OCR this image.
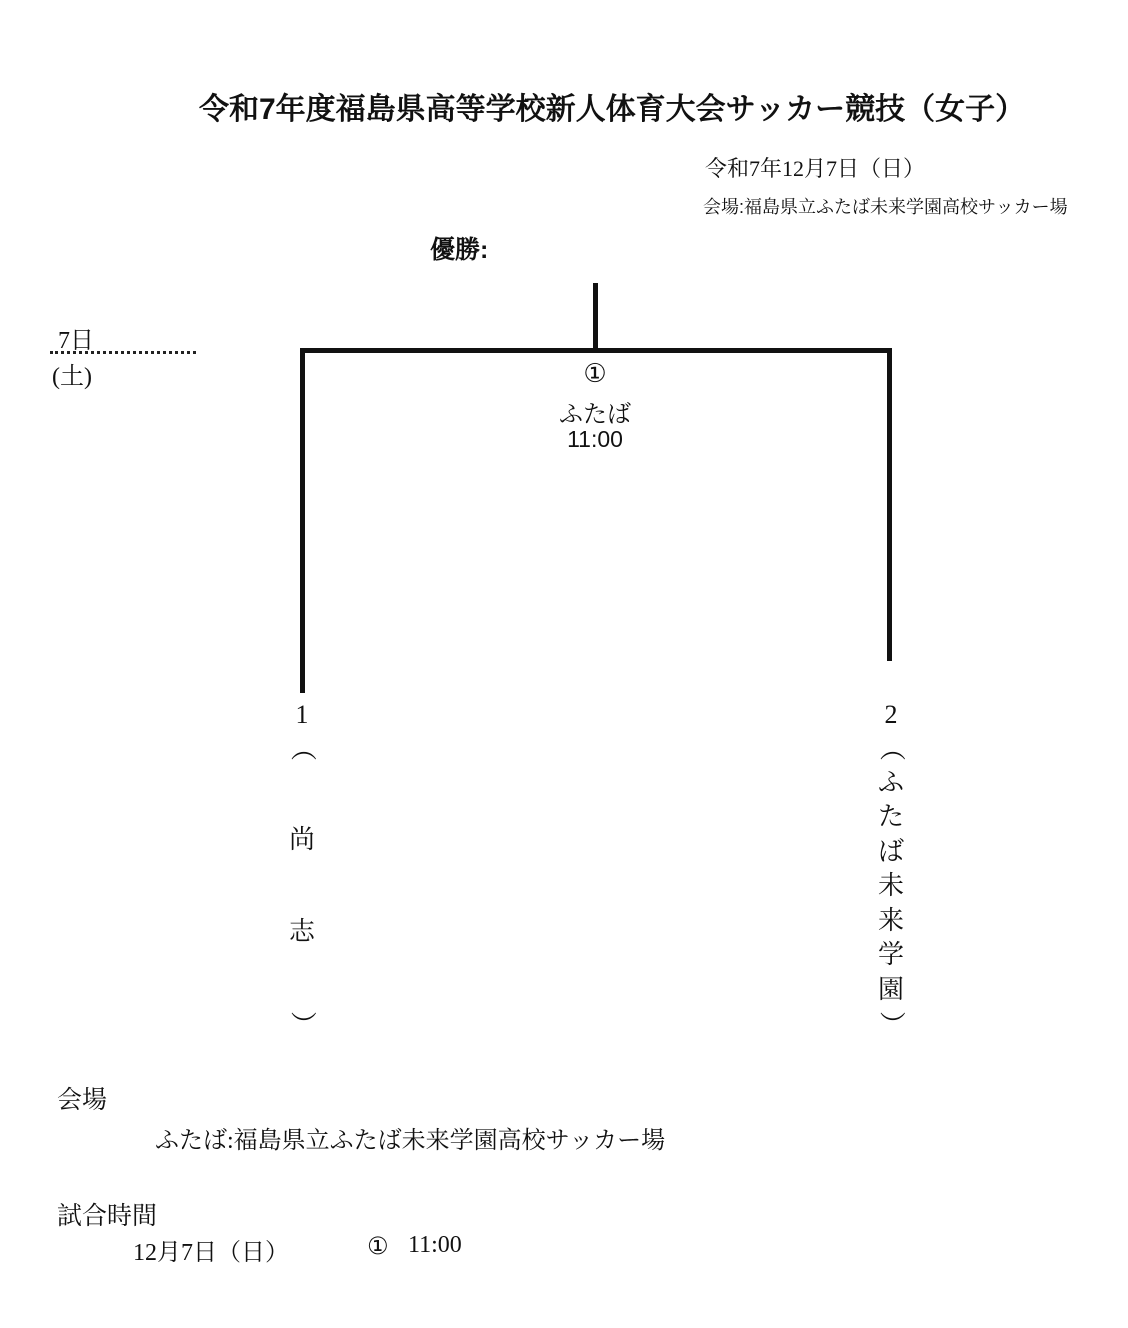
令和7年度福島県高等学校新人体育大会サッカー競技（女子）
令和7年12月7日（日）
会場:福島県立ふたば未来学園高校サッカー場
優勝:
7日
(土)	①
ふたば
11:00
1	2
（
尚
志
）
（
ふ
た
ば
未
来
学
園
）
会場
ふたば:福島県立ふたば未来学園高校サッカー場
試合時間
12月7日（日）	① 11:00
